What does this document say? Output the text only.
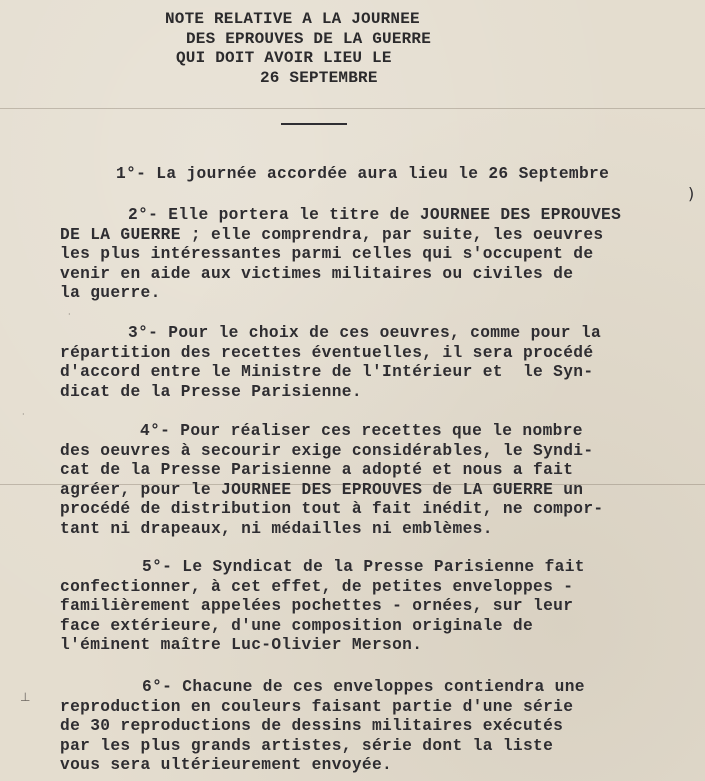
NOTE RELATIVE A LA JOURNEE
DES EPROUVES DE LA GUERRE
QUI DOIT AVOIR LIEU LE
26 SEPTEMBRE
1°- La journée accordée aura lieu le 26 Septembre
2°- Elle portera le titre de JOURNEE DES EPROUVES
DE LA GUERRE ; elle comprendra, par suite, les oeuvres
les plus intéressantes parmi celles qui s'occupent de
venir en aide aux victimes militaires ou civiles de
la guerre.
3°- Pour le choix de ces oeuvres, comme pour la
répartition des recettes éventuelles, il sera procédé
d'accord entre le Ministre de l'Intérieur et  le Syn-
dicat de la Presse Parisienne.
4°- Pour réaliser ces recettes que le nombre
des oeuvres à secourir exige considérables, le Syndi-
cat de la Presse Parisienne a adopté et nous a fait
agréer, pour le JOURNEE DES EPROUVES de LA GUERRE un
procédé de distribution tout à fait inédit, ne compor-
tant ni drapeaux, ni médailles ni emblèmes.
5°- Le Syndicat de la Presse Parisienne fait
confectionner, à cet effet, de petites enveloppes -
familièrement appelées pochettes - ornées, sur leur
face extérieure, d'une composition originale de
l'éminent maître Luc-Olivier Merson.
6°- Chacune de ces enveloppes contiendra une
reproduction en couleurs faisant partie d'une série
de 30 reproductions de dessins militaires exécutés
par les plus grands artistes, série dont la liste
vous sera ultérieurement envoyée.
⊥
·
·
)
